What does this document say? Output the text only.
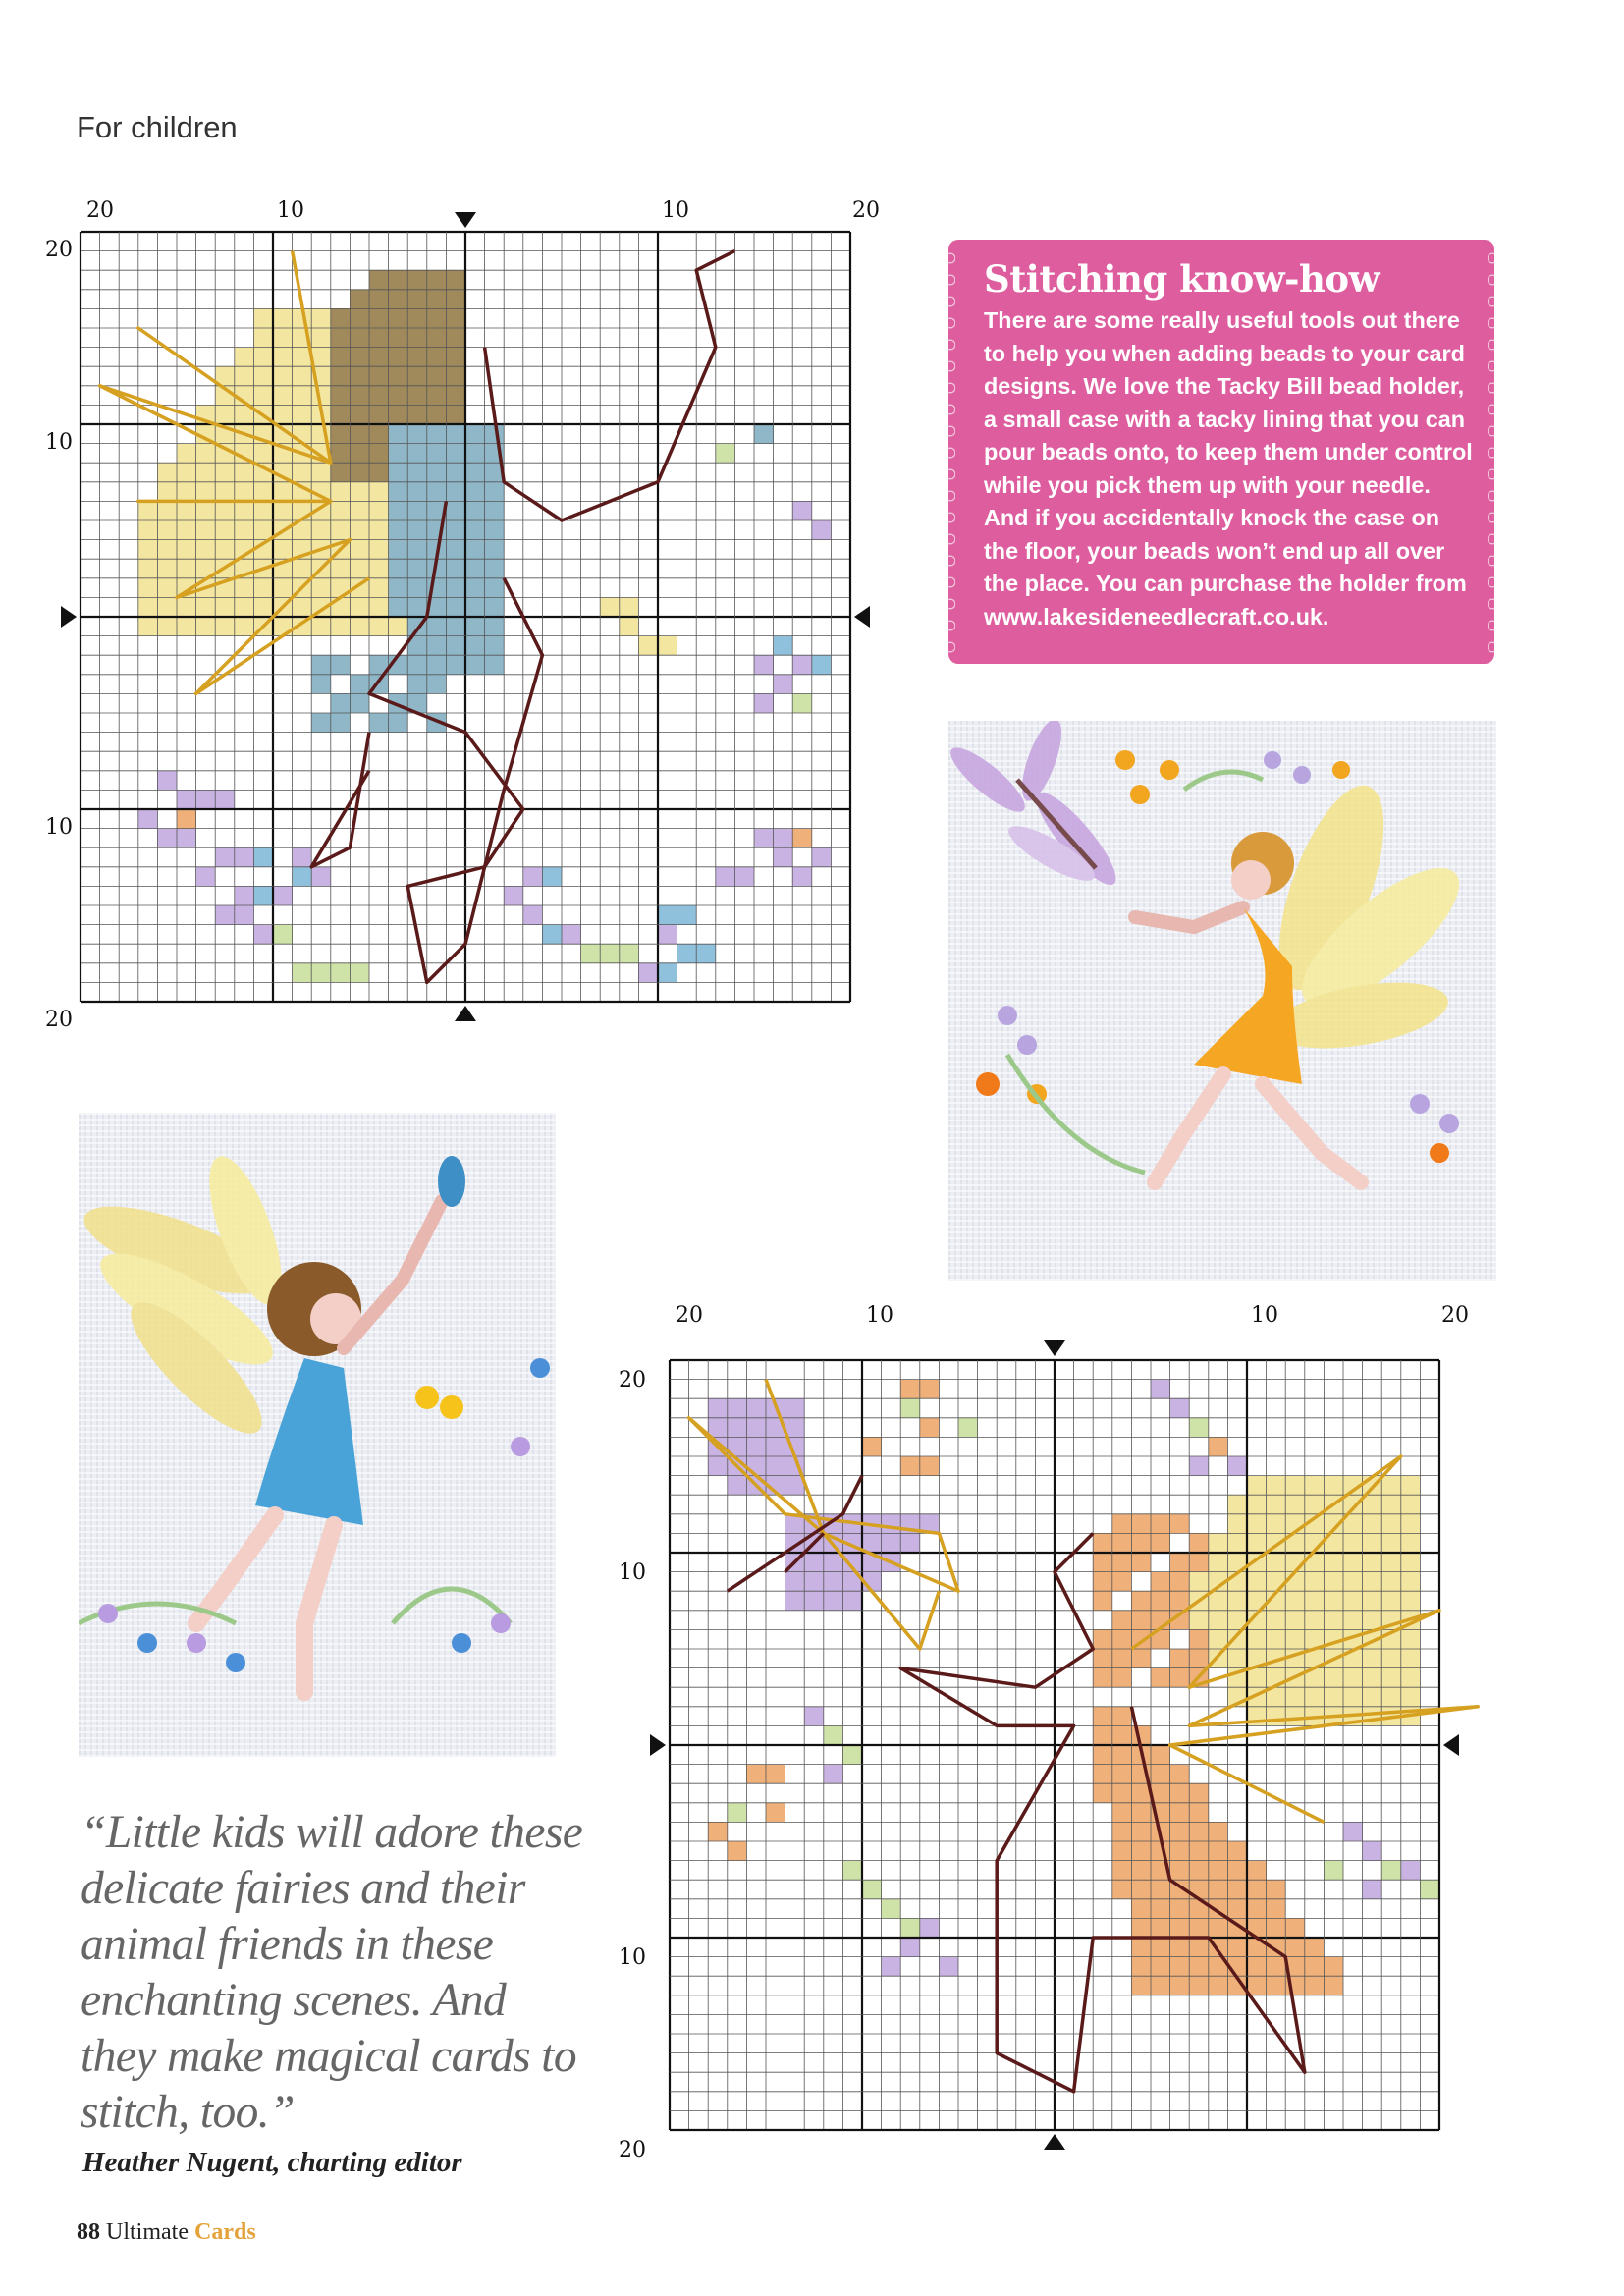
For children
20	10	10	20
20
10
10
20
Stitching know-how

There are some really useful tools out there to help you when adding beads to your card designs. We love the Tacky Bill bead holder, a small case with a tacky lining that you can pour beads onto, to keep them under control while you pick them up with your needle. And if you accidentally knock the case on the floor, your beads won’t end up all over the place. You can purchase the holder from www.lakesideneedlecraft.co.uk.

20	10	10	20
20
10
10
20
“Little kids will adore these delicate fairies and their animal friends in these enchanting scenes. And they make magical cards to stitch, too.”
Heather Nugent, charting editor
88 Ultimate Cards
